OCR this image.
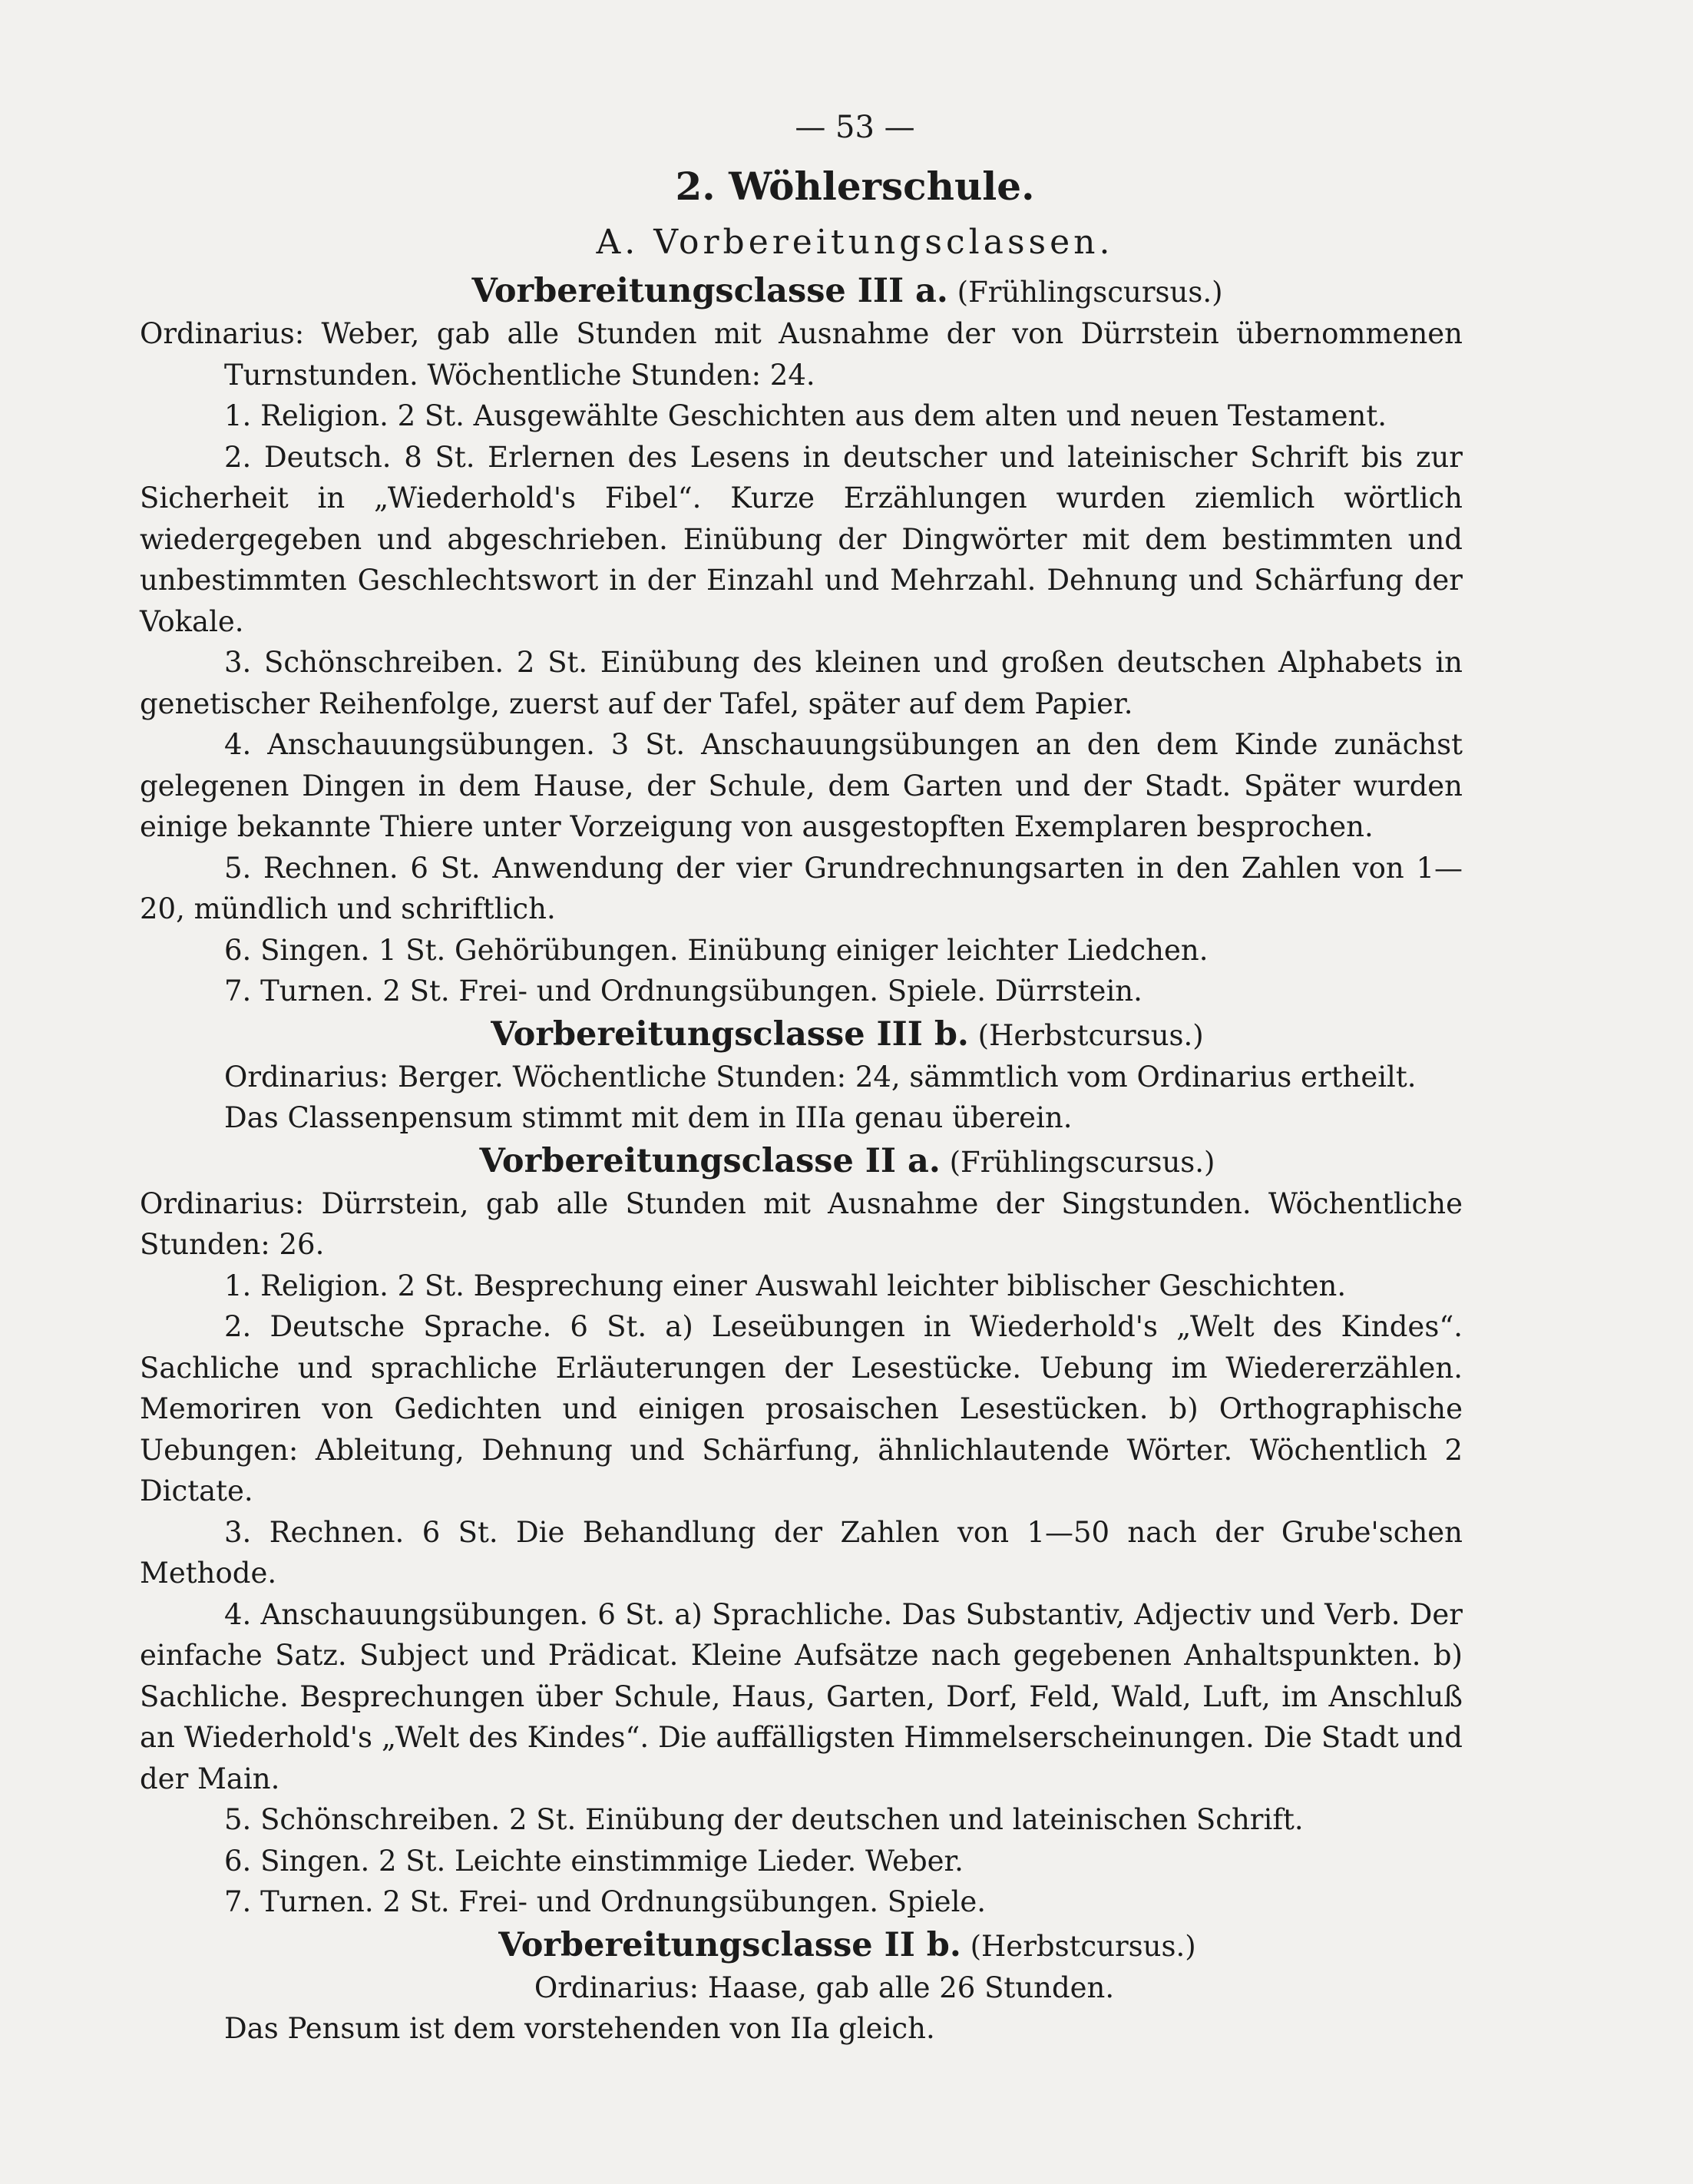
— 53 —
2. Wöhlerschule.
A. Vorbereitungsclassen.
Vorbereitungsclasse III a. (Frühlingscursus.)
Ordinarius: Weber, gab alle Stunden mit Ausnahme der von Dürrstein übernommenen Turnstunden. Wöchentliche Stunden: 24.
1. Religion. 2 St. Ausgewählte Geschichten aus dem alten und neuen Testament.
2. Deutsch. 8 St. Erlernen des Lesens in deutscher und lateinischer Schrift bis zur Sicherheit in „Wiederhold's Fibel“. Kurze Erzählungen wurden ziemlich wörtlich wiedergegeben und abgeschrieben. Einübung der Dingwörter mit dem bestimmten und unbestimmten Geschlechtswort in der Einzahl und Mehrzahl. Dehnung und Schärfung der Vokale.
3. Schönschreiben. 2 St. Einübung des kleinen und großen deutschen Alphabets in genetischer Reihenfolge, zuerst auf der Tafel, später auf dem Papier.
4. Anschauungsübungen. 3 St. Anschauungsübungen an den dem Kinde zunächst gelegenen Dingen in dem Hause, der Schule, dem Garten und der Stadt. Später wurden einige bekannte Thiere unter Vorzeigung von ausgestopften Exemplaren besprochen.
5. Rechnen. 6 St. Anwendung der vier Grundrechnungsarten in den Zahlen von 1—20, mündlich und schriftlich.
6. Singen. 1 St. Gehörübungen. Einübung einiger leichter Liedchen.
7. Turnen. 2 St. Frei- und Ordnungsübungen. Spiele. Dürrstein.
Vorbereitungsclasse III b. (Herbstcursus.)
Ordinarius: Berger. Wöchentliche Stunden: 24, sämmtlich vom Ordinarius ertheilt.
Das Classenpensum stimmt mit dem in IIIa genau überein.
Vorbereitungsclasse II a. (Frühlingscursus.)
Ordinarius: Dürrstein, gab alle Stunden mit Ausnahme der Singstunden. Wöchentliche Stunden: 26.
1. Religion. 2 St. Besprechung einer Auswahl leichter biblischer Geschichten.
2. Deutsche Sprache. 6 St. a) Leseübungen in Wiederhold's „Welt des Kindes“. Sachliche und sprachliche Erläuterungen der Lesestücke. Uebung im Wiedererzählen. Memoriren von Gedichten und einigen prosaischen Lesestücken. b) Orthographische Uebungen: Ableitung, Dehnung und Schärfung, ähnlichlautende Wörter. Wöchentlich 2 Dictate.
3. Rechnen. 6 St. Die Behandlung der Zahlen von 1—50 nach der Grube'schen Methode.
4. Anschauungsübungen. 6 St. a) Sprachliche. Das Substantiv, Adjectiv und Verb. Der einfache Satz. Subject und Prädicat. Kleine Aufsätze nach gegebenen Anhaltspunkten. b) Sachliche. Besprechungen über Schule, Haus, Garten, Dorf, Feld, Wald, Luft, im Anschluß an Wiederhold's „Welt des Kindes“. Die auffälligsten Himmelserscheinungen. Die Stadt und der Main.
5. Schönschreiben. 2 St. Einübung der deutschen und lateinischen Schrift.
6. Singen. 2 St. Leichte einstimmige Lieder. Weber.
7. Turnen. 2 St. Frei- und Ordnungsübungen. Spiele.
Vorbereitungsclasse II b. (Herbstcursus.)
Ordinarius: Haase, gab alle 26 Stunden.
Das Pensum ist dem vorstehenden von IIa gleich.
